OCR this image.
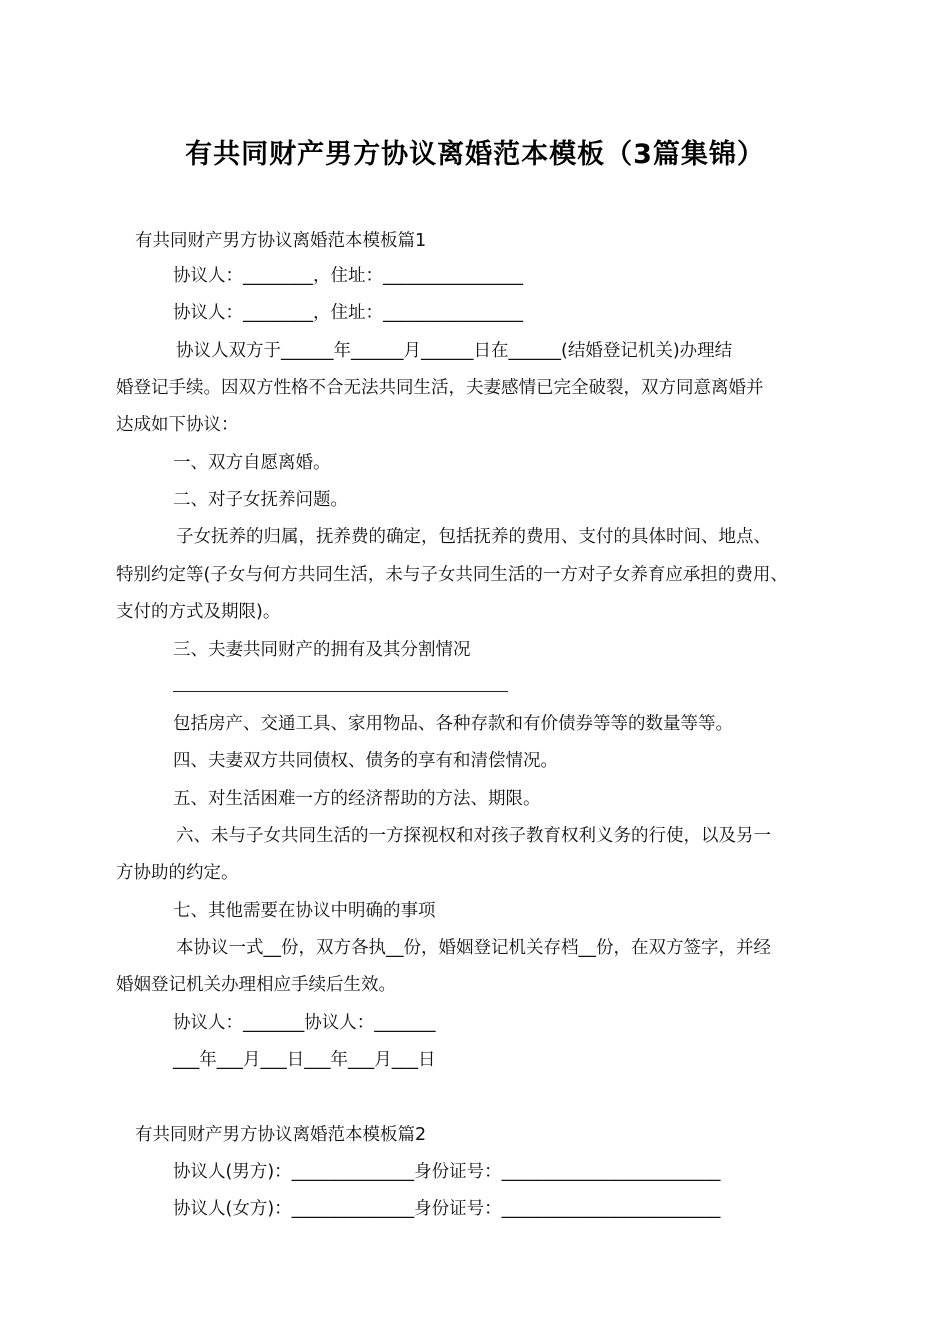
有共同财产男方协议离婚范本模板（3篇集锦）
有共同财产男方协议离婚范本模板篇1
协议人：________，住址：________________
协议人：________，住址：________________
协议人双方于______年______月______日在______(结婚登记机关)办理结
婚登记手续。因双方性格不合无法共同生活，夫妻感情已完全破裂，双方同意离婚并
达成如下协议：
一、双方自愿离婚。
二、对子女抚养问题。
子女抚养的归属，抚养费的确定，包括抚养的费用、支付的具体时间、地点、
特别约定等(子女与何方共同生活，未与子女共同生活的一方对子女养育应承担的费用、
支付的方式及期限)。
三、夫妻共同财产的拥有及其分割情况
包括房产、交通工具、家用物品、各种存款和有价债券等等的数量等等。
四、夫妻双方共同债权、债务的享有和清偿情况。
五、对生活困难一方的经济帮助的方法、期限。
六、未与子女共同生活的一方探视权和对孩子教育权利义务的行使，以及另一
方协助的约定。
七、其他需要在协议中明确的事项
本协议一式__份，双方各执__份，婚姻登记机关存档__份，在双方签字，并经
婚姻登记机关办理相应手续后生效。
协议人：_______协议人：_______
___年___月___日___年___月___日
有共同财产男方协议离婚范本模板篇2
协议人(男方)：______________身份证号：_________________________
协议人(女方)：______________身份证号：_________________________
